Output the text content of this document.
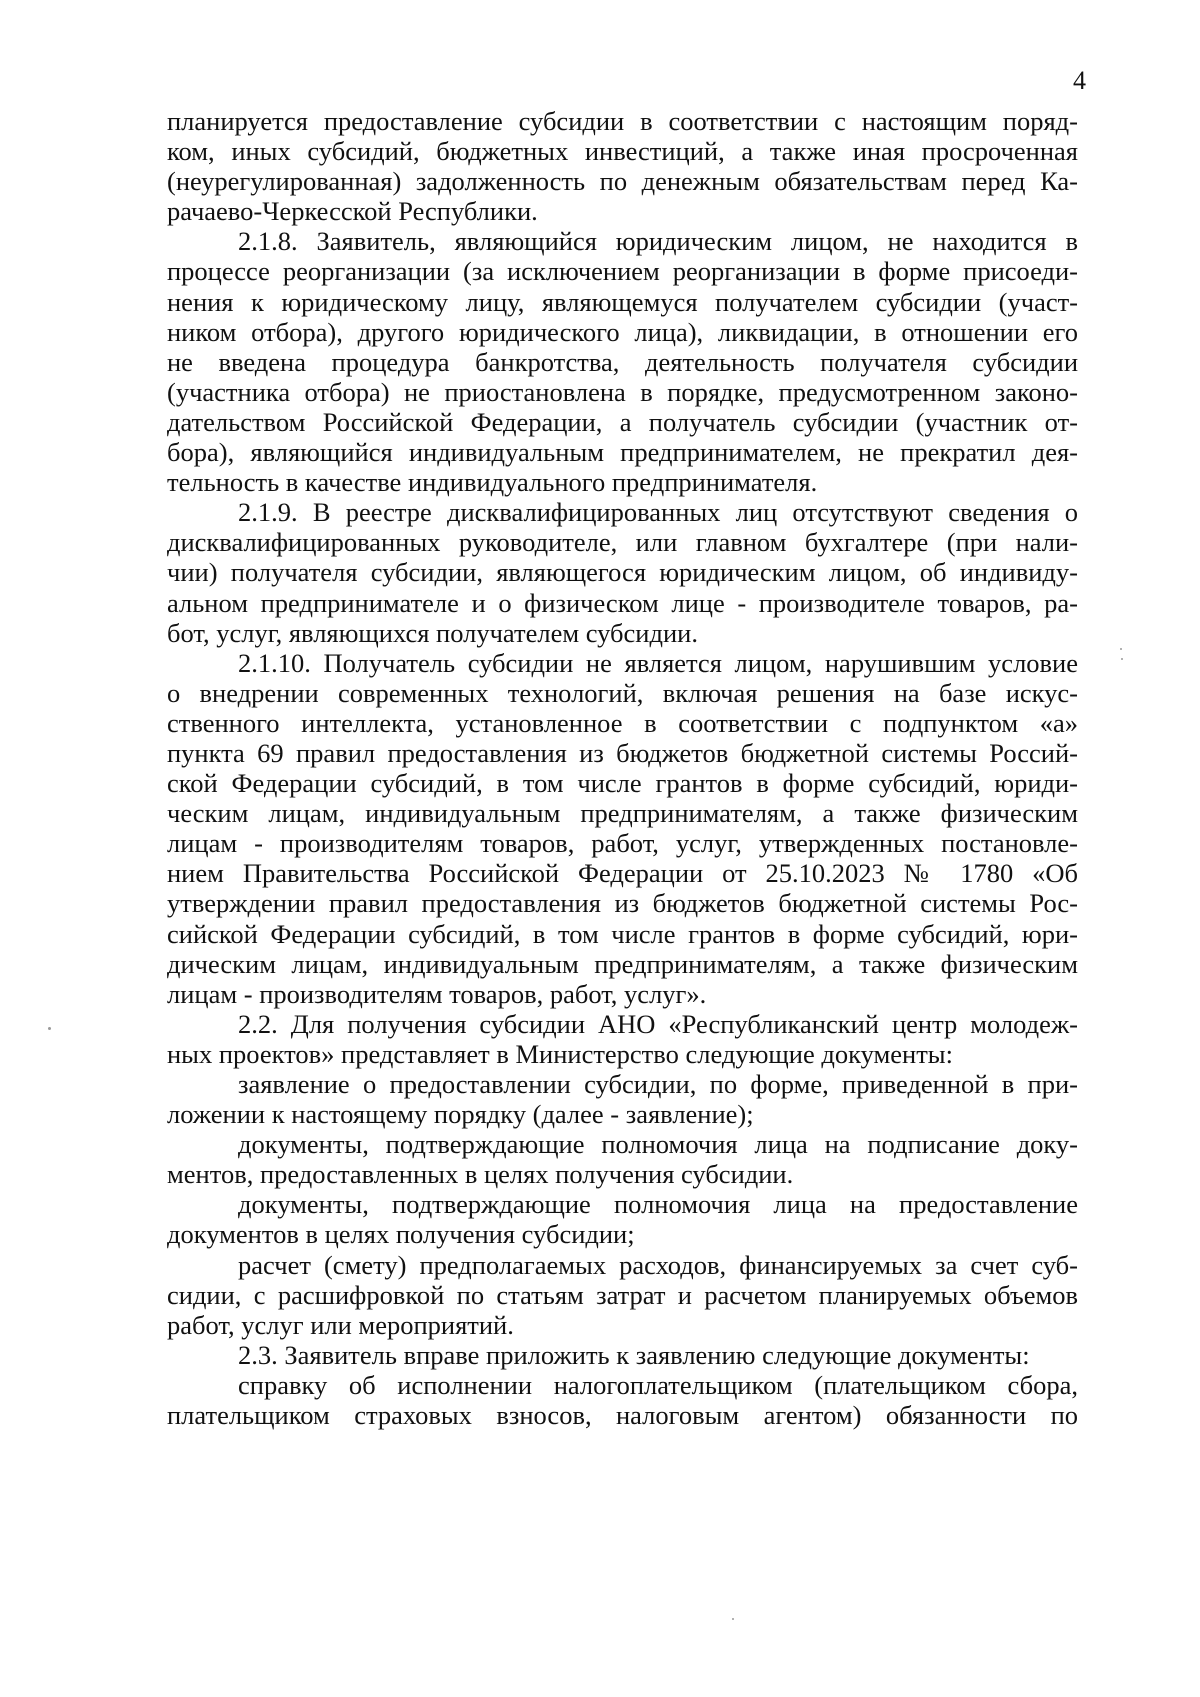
4
планируется предоставление субсидии в соответствии с настоящим поряд-
ком, иных субсидий, бюджетных инвестиций, а также иная просроченная
(неурегулированная) задолженность по денежным обязательствам перед Ка-
рачаево-Черкесской Республики.
2.1.8. Заявитель, являющийся юридическим лицом, не находится в
процессе реорганизации (за исключением реорганизации в форме присоеди-
нения к юридическому лицу, являющемуся получателем субсидии (участ-
ником отбора), другого юридического лица), ликвидации, в отношении его
не введена процедура банкротства, деятельность получателя субсидии
(участника отбора) не приостановлена в порядке, предусмотренном законо-
дательством Российской Федерации, а получатель субсидии (участник от-
бора), являющийся индивидуальным предпринимателем, не прекратил дея-
тельность в качестве индивидуального предпринимателя.
2.1.9. В реестре дисквалифицированных лиц отсутствуют сведения о
дисквалифицированных руководителе, или главном бухгалтере (при нали-
чии) получателя субсидии, являющегося юридическим лицом, об индивиду-
альном предпринимателе и о физическом лице - производителе товаров, ра-
бот, услуг, являющихся получателем субсидии.
2.1.10. Получатель субсидии не является лицом, нарушившим условие
о внедрении современных технологий, включая решения на базе искус-
ственного интеллекта, установленное в соответствии с подпунктом «а»
пункта 69 правил предоставления из бюджетов бюджетной системы Россий-
ской Федерации субсидий, в том числе грантов в форме субсидий, юриди-
ческим лицам, индивидуальным предпринимателям, а также физическим
лицам - производителям товаров, работ, услуг, утвержденных постановле-
нием Правительства Российской Федерации от 25.10.2023 № 1780 «Об
утверждении правил предоставления из бюджетов бюджетной системы Рос-
сийской Федерации субсидий, в том числе грантов в форме субсидий, юри-
дическим лицам, индивидуальным предпринимателям, а также физическим
лицам - производителям товаров, работ, услуг».
2.2. Для получения субсидии АНО «Республиканский центр молодеж-
ных проектов» представляет в Министерство следующие документы:
заявление о предоставлении субсидии, по форме, приведенной в при-
ложении к настоящему порядку (далее - заявление);
документы, подтверждающие полномочия лица на подписание доку-
ментов, предоставленных в целях получения субсидии.
документы, подтверждающие полномочия лица на предоставление
документов в целях получения субсидии;
расчет (смету) предполагаемых расходов, финансируемых за счет суб-
сидии, с расшифровкой по статьям затрат и расчетом планируемых объемов
работ, услуг или мероприятий.
2.3. Заявитель вправе приложить к заявлению следующие документы:
справку об исполнении налогоплательщиком (плательщиком сбора,
плательщиком страховых взносов, налоговым агентом) обязанности по
